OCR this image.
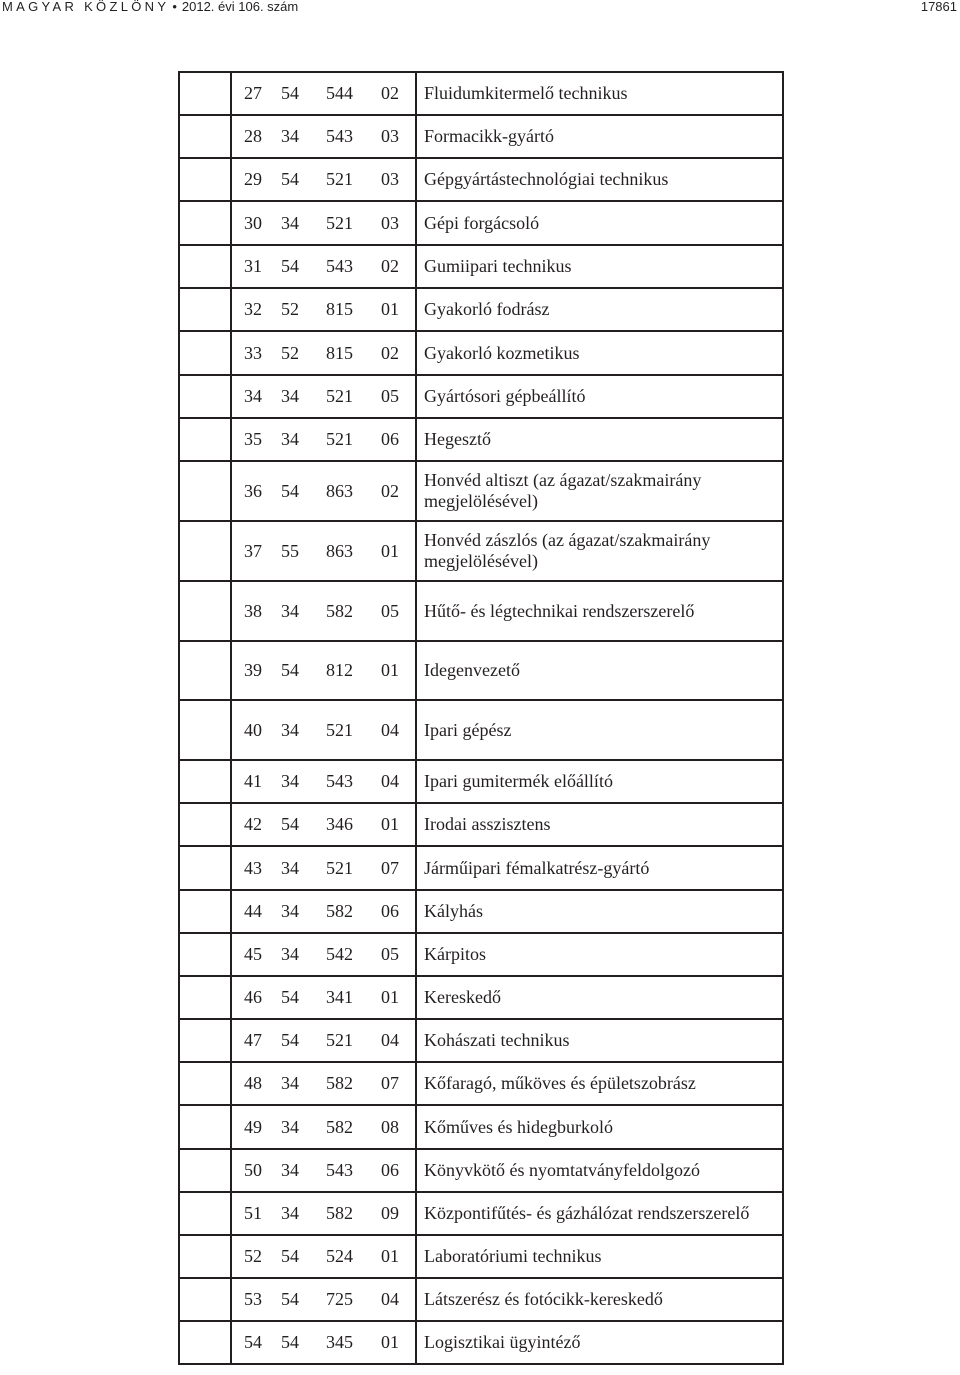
MAGYAR KÖZLÖNY • 2012. évi 106. szám	17861
	27 54 544 02	Fluidumkitermelő technikus
	28 34 543 03	Formacikk-gyártó
	29 54 521 03	Gépgyártástechnológiai technikus
	30 34 521 03	Gépi forgácsoló
	31 54 543 02	Gumiipari technikus
	32 52 815 01	Gyakorló fodrász
	33 52 815 02	Gyakorló kozmetikus
	34 34 521 05	Gyártósori gépbeállító
	35 34 521 06	Hegesztő
	36 54 863 02	Honvéd altiszt (az ágazat/szakmairány megjelölésével)
	37 55 863 01	Honvéd zászlós (az ágazat/szakmairány megjelölésével)
	38 34 582 05	Hűtő- és légtechnikai rendszerszerelő
	39 54 812 01	Idegenvezető
	40 34 521 04	Ipari gépész
	41 34 543 04	Ipari gumitermék előállító
	42 54 346 01	Irodai asszisztens
	43 34 521 07	Járműipari fémalkatrész-gyártó
	44 34 582 06	Kályhás
	45 34 542 05	Kárpitos
	46 54 341 01	Kereskedő
	47 54 521 04	Kohászati technikus
	48 34 582 07	Kőfaragó, műköves és épületszobrász
	49 34 582 08	Kőműves és hidegburkoló
	50 34 543 06	Könyvkötő és nyomtatványfeldolgozó
	51 34 582 09	Központifűtés- és gázhálózat rendszerszerelő
	52 54 524 01	Laboratóriumi technikus
	53 54 725 04	Látszerész és fotócikk-kereskedő
	54 54 345 01	Logisztikai ügyintéző
